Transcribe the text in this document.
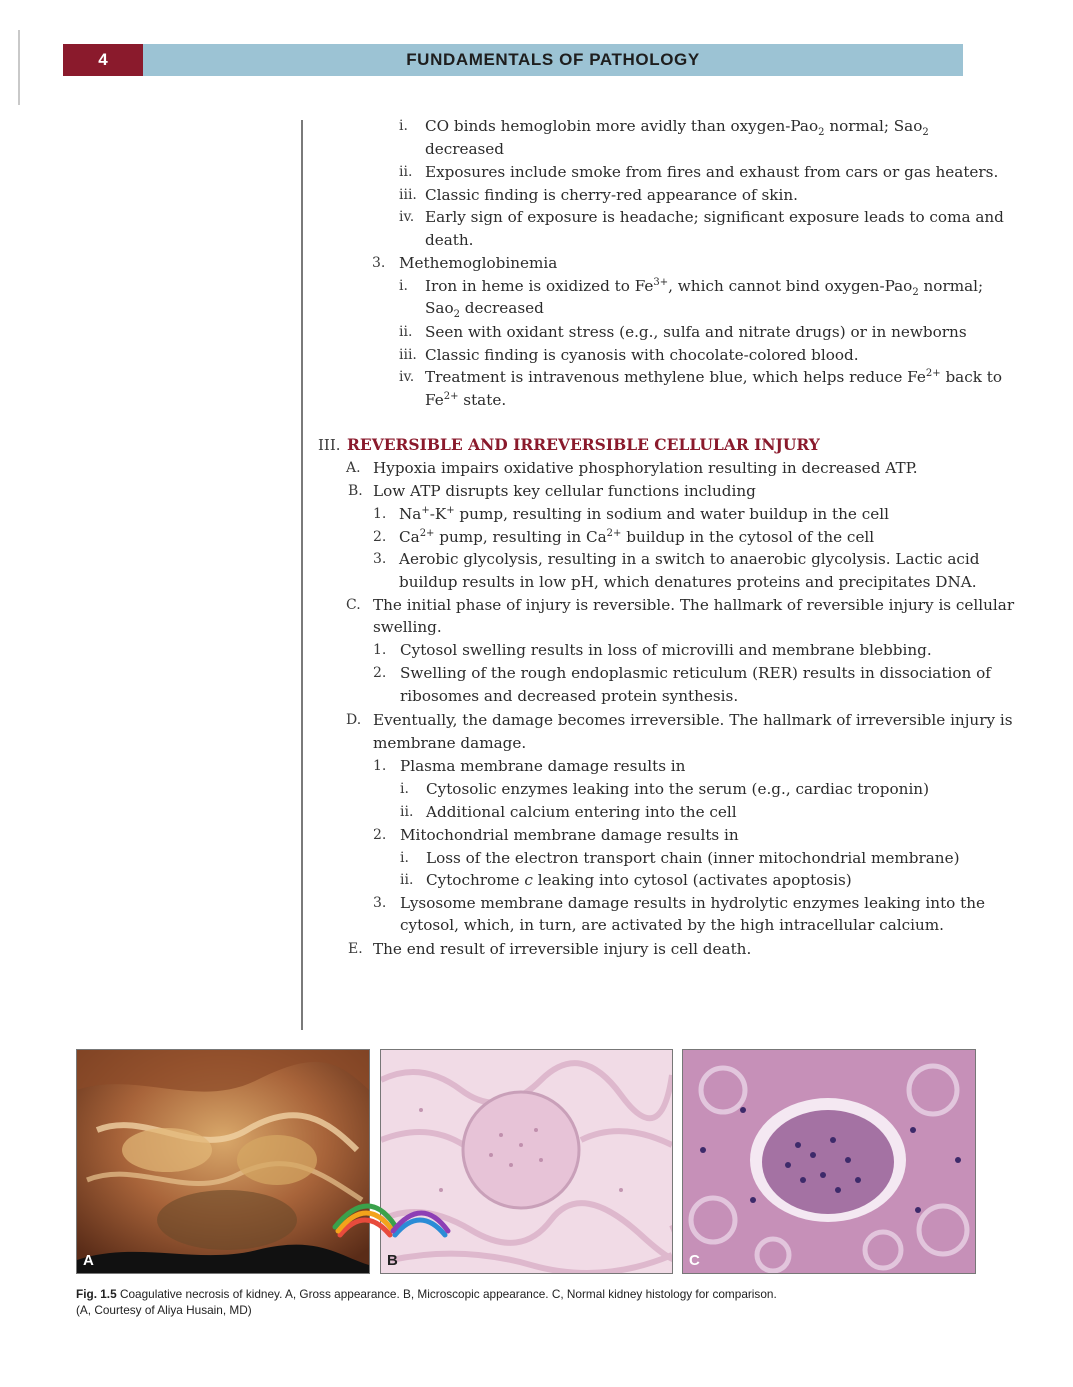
4	FUNDAMENTALS OF PATHOLOGY
III. REVERSIBLE AND IRREVERSIBLE CELLULAR INJURY
i. CO binds hemoglobin more avidly than oxygen-Pao$_2$ normal; Sao$_2$
decreased
ii. Exposures include smoke from fires and exhaust from cars or gas heaters.
iii. Classic finding is cherry-red appearance of skin.
iv. Early sign of exposure is headache; significant exposure leads to coma and
death.
3. Methemoglobinemia
i. Iron in heme is oxidized to $Fe^{3+}$, which cannot bind oxygen-Pao$_2$ normal;
Sao$_2$ decreased
ii. Seen with oxidant stress (e.g., sulfa and nitrate drugs) or in newborns
iii. Classic finding is cyanosis with chocolate-colored blood.
iv. Treatment is intravenous methylene blue, which helps reduce $Fe^{2+}$ back to
$Fe^{2+}$ state.
A. Hypoxia impairs oxidative phosphorylation resulting in decreased ATP.
B. Low ATP disrupts key cellular functions including
1. Na+-K+ pump, resulting in sodium and water buildup in the cell
2. $Ca^{2+}$ pump, resulting in $Ca^{2+}$ buildup in the cytosol of the cell
3. Aerobic glycolysis, resulting in a switch to anaerobic glycolysis. Lactic acid
buildup results in low pH, which denatures proteins and precipitates DNA.
C. The initial phase of injury is reversible. The hallmark of reversible injury is cellular
swelling.
1. Cytosol swelling results in loss of microvilli and membrane blebbing.
2. Swelling of the rough endoplasmic reticulum (RER) results in dissociation of
ribosomes and decreased protein synthesis.
D. Eventually, the damage becomes irreversible. The hallmark of irreversible injury is
membrane damage.
1. Plasma membrane damage results in
i. Cytosolic enzymes leaking into the serum (e.g., cardiac troponin)
ii. Additional calcium entering into the cell
2. Mitochondrial membrane damage results in
i. Loss of the electron transport chain (inner mitochondrial membrane)
ii. Cytochrome c leaking into cytosol (activates apoptosis)
3. Lysosome membrane damage results in hydrolytic enzymes leaking into the
cytosol, which, in turn, are activated by the high intracellular calcium.
E. The end result of irreversible injury is cell death.
A	B	C
Fig. 1.5 Coagulative necrosis of kidney. A, Gross appearance. B, Microscopic appearance. C, Normal kidney histology for comparison.
(A, Courtesy of Aliya Husain, MD)
